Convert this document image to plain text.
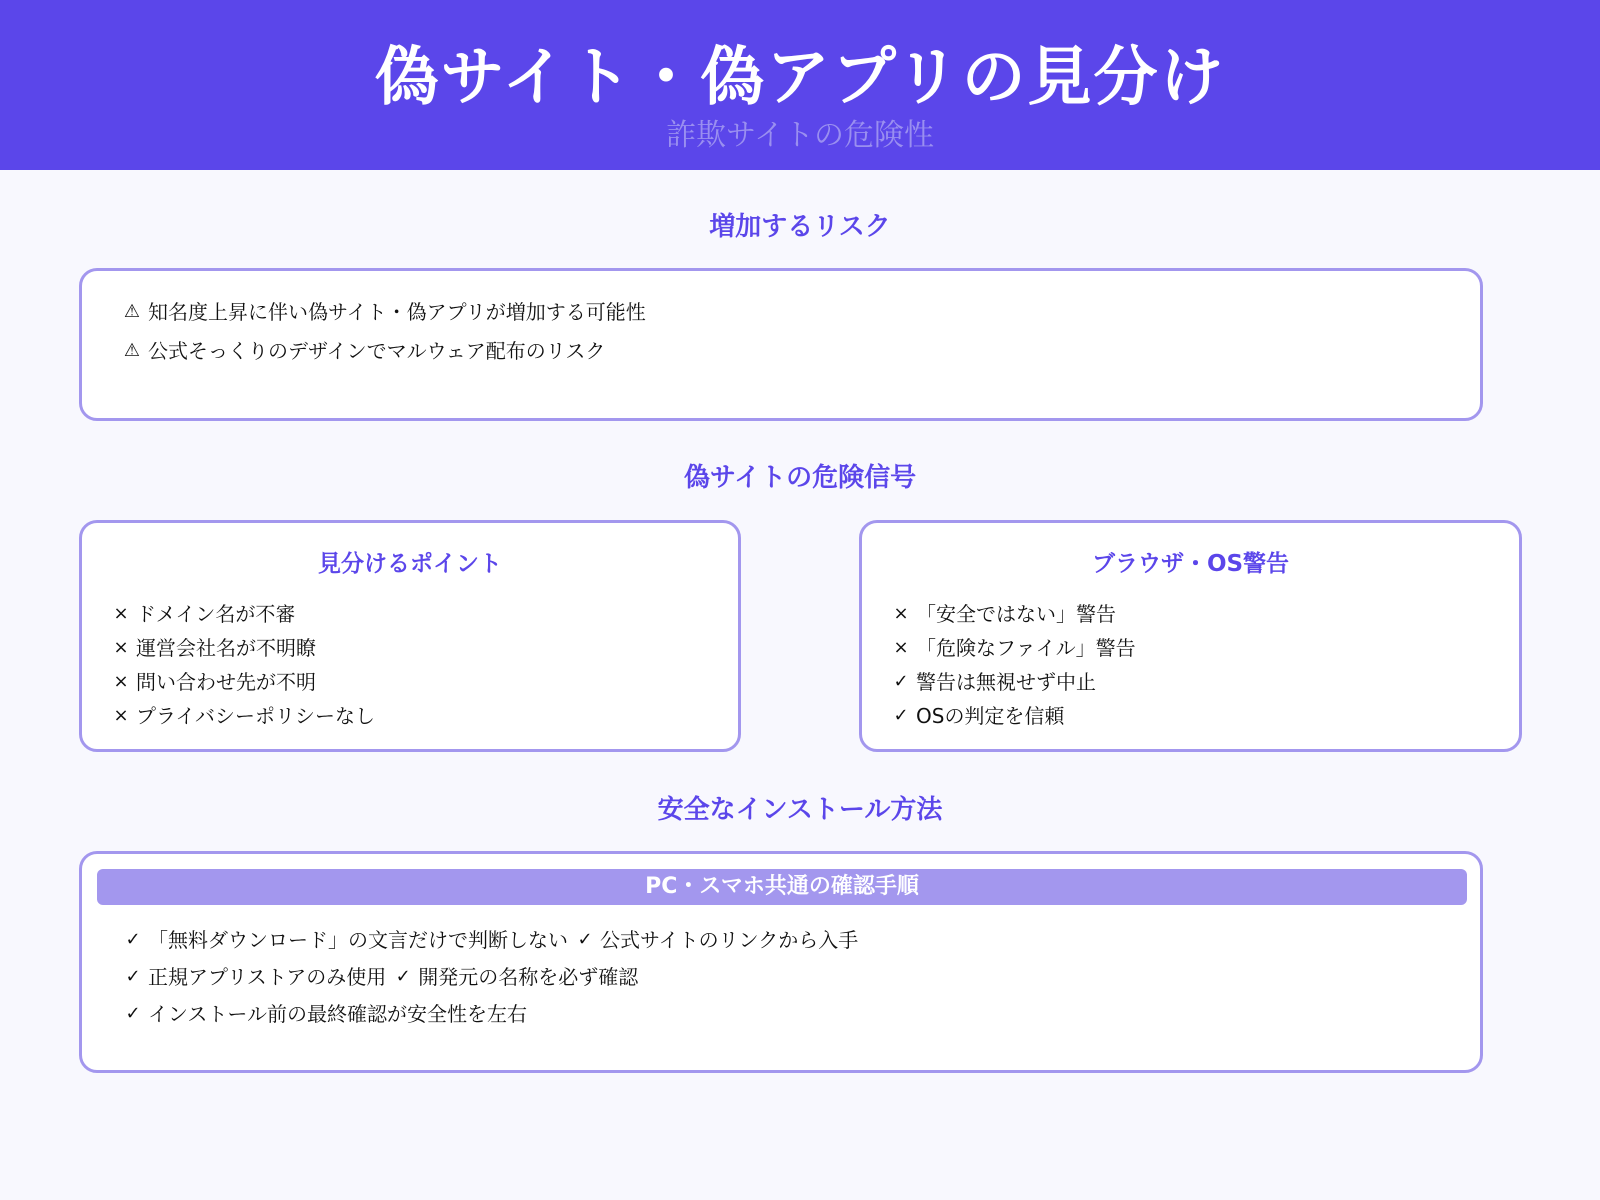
偽サイト・偽アプリの見分け
詐欺サイトの危険性
増加するリスク
⚠ 知名度上昇に伴い偽サイト・偽アプリが増加する可能性
⚠ 公式そっくりのデザインでマルウェア配布のリスク
偽サイトの危険信号
見分けるポイント
× ドメイン名が不審
× 運営会社名が不明瞭
× 問い合わせ先が不明
× プライバシーポリシーなし
ブラウザ・OS警告
× 「安全ではない」警告
× 「危険なファイル」警告
✓ 警告は無視せず中止
✓ OSの判定を信頼
安全なインストール方法
PC・スマホ共通の確認手順
✓ 「無料ダウンロード」の文言だけで判断しない ✓ 公式サイトのリンクから入手
✓ 正規アプリストアのみ使用 ✓ 開発元の名称を必ず確認
✓ インストール前の最終確認が安全性を左右
